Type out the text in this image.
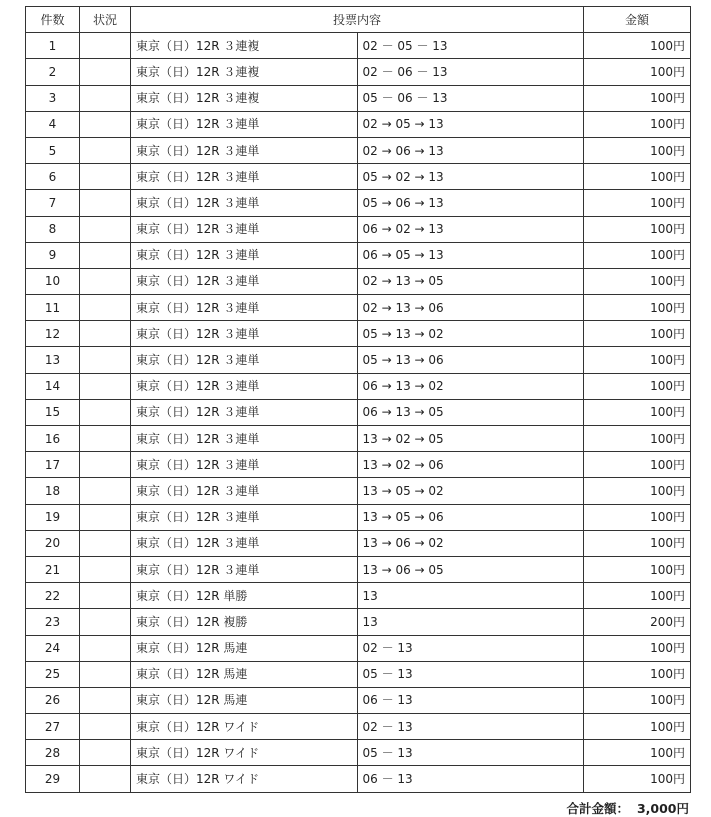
件数	状況	投票内容		金額
1		東京（日）12R ３連複	02 － 05 － 13	100円
2		東京（日）12R ３連複	02 － 06 － 13	100円
3		東京（日）12R ３連複	05 － 06 － 13	100円
4		東京（日）12R ３連単	02 → 05 → 13	100円
5		東京（日）12R ３連単	02 → 06 → 13	100円
6		東京（日）12R ３連単	05 → 02 → 13	100円
7		東京（日）12R ３連単	05 → 06 → 13	100円
8		東京（日）12R ３連単	06 → 02 → 13	100円
9		東京（日）12R ３連単	06 → 05 → 13	100円
10		東京（日）12R ３連単	02 → 13 → 05	100円
11		東京（日）12R ３連単	02 → 13 → 06	100円
12		東京（日）12R ３連単	05 → 13 → 02	100円
13		東京（日）12R ３連単	05 → 13 → 06	100円
14		東京（日）12R ３連単	06 → 13 → 02	100円
15		東京（日）12R ３連単	06 → 13 → 05	100円
16		東京（日）12R ３連単	13 → 02 → 05	100円
17		東京（日）12R ３連単	13 → 02 → 06	100円
18		東京（日）12R ３連単	13 → 05 → 02	100円
19		東京（日）12R ３連単	13 → 05 → 06	100円
20		東京（日）12R ３連単	13 → 06 → 02	100円
21		東京（日）12R ３連単	13 → 06 → 05	100円
22		東京（日）12R 単勝	13	100円
23		東京（日）12R 複勝	13	200円
24		東京（日）12R 馬連	02 － 13	100円
25		東京（日）12R 馬連	05 － 13	100円
26		東京（日）12R 馬連	06 － 13	100円
27		東京（日）12R ワイド	02 － 13	100円
28		東京（日）12R ワイド	05 － 13	100円
29		東京（日）12R ワイド	06 － 13	100円
合計金額： 3,000円
